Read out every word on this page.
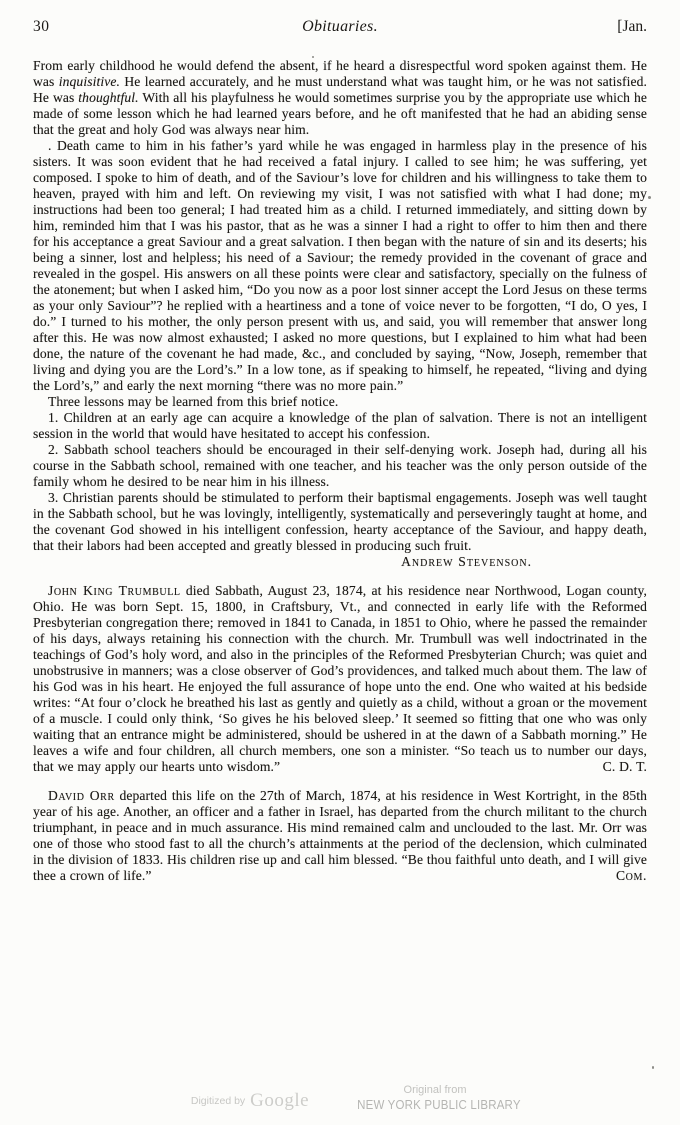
30	Obituaries.	[Jan.

From early childhood he would defend the absent, if he heard a disrespectful word spoken against them. He was inquisitive. He learned accurately, and he must understand what was taught him, or he was not satisfied. He was thoughtful. With all his playfulness he would sometimes surprise you by the appropriate use which he made of some lesson which he had learned years before, and he oft manifested that he had an abiding sense that the great and holy God was always near him.

. Death came to him in his father’s yard while he was engaged in harmless play in the presence of his sisters. It was soon evident that he had received a fatal injury. I called to see him; he was suffering, yet composed. I spoke to him of death, and of the Saviour’s love for children and his willingness to take them to heaven, prayed with him and left. On reviewing my visit, I was not satisfied with what I had done; my instructions had been too general; I had treated him as a child. I returned immediately, and sitting down by him, reminded him that I was his pastor, that as he was a sinner I had a right to offer to him then and there for his acceptance a great Saviour and a great salvation. I then began with the nature of sin and its deserts; his being a sinner, lost and helpless; his need of a Saviour; the remedy provided in the covenant of grace and revealed in the gospel. His answers on all these points were clear and satisfactory, specially on the fulness of the atonement; but when I asked him, “Do you now as a poor lost sinner accept the Lord Jesus on these terms as your only Saviour”? he replied with a heartiness and a tone of voice never to be forgotten, “I do, O yes, I do.” I turned to his mother, the only person present with us, and said, you will remember that answer long after this. He was now almost exhausted; I asked no more questions, but I explained to him what had been done, the nature of the covenant he had made, &c., and concluded by saying, “Now, Joseph, remember that living and dying you are the Lord’s.” In a low tone, as if speaking to himself, he repeated, “living and dying the Lord’s,” and early the next morning “there was no more pain.”

Three lessons may be learned from this brief notice.

1. Children at an early age can acquire a knowledge of the plan of salvation. There is not an intelligent session in the world that would have hesitated to accept his confession.

2. Sabbath school teachers should be encouraged in their self-denying work. Joseph had, during all his course in the Sabbath school, remained with one teacher, and his teacher was the only person outside of the family whom he desired to be near him in his illness.

3. Christian parents should be stimulated to perform their baptismal engagements. Joseph was well taught in the Sabbath school, but he was lovingly, intelligently, systematically and perseveringly taught at home, and the covenant God showed in his intelligent confession, hearty acceptance of the Saviour, and happy death, that their labors had been accepted and greatly blessed in producing such fruit.

Andrew Stevenson.

John King Trumbull died Sabbath, August 23, 1874, at his residence near Northwood, Logan county, Ohio. He was born Sept. 15, 1800, in Craftsbury, Vt., and connected in early life with the Reformed Presbyterian congregation there; removed in 1841 to Canada, in 1851 to Ohio, where he passed the remainder of his days, always retaining his connection with the church. Mr. Trumbull was well indoctrinated in the teachings of God’s holy word, and also in the principles of the Reformed Presbyterian Church; was quiet and unobstrusive in manners; was a close observer of God’s providences, and talked much about them. The law of his God was in his heart. He enjoyed the full assurance of hope unto the end. One who waited at his bedside writes: “At four o’clock he breathed his last as gently and quietly as a child, without a groan or the movement of a muscle. I could only think, ‘So gives he his beloved sleep.’ It seemed so fitting that one who was only waiting that an entrance might be administered, should be ushered in at the dawn of a Sabbath morning.” He leaves a wife and four children, all church members, one son a minister. “So teach us to number our days, that we may apply our hearts unto wisdom.”	C. D. T.

David Orr departed this life on the 27th of March, 1874, at his residence in West Kortright, in the 85th year of his age. Another, an officer and a father in Israel, has departed from the church militant to the church triumphant, in peace and in much assurance. His mind remained calm and unclouded to the last. Mr. Orr was one of those who stood fast to all the church’s attainments at the period of the declension, which culminated in the division of 1833. His children rise up and call him blessed. “Be thou faithful unto death, and I will give thee a crown of life.”	Com.

Digitized by Google	Original from
NEW YORK PUBLIC LIBRARY
